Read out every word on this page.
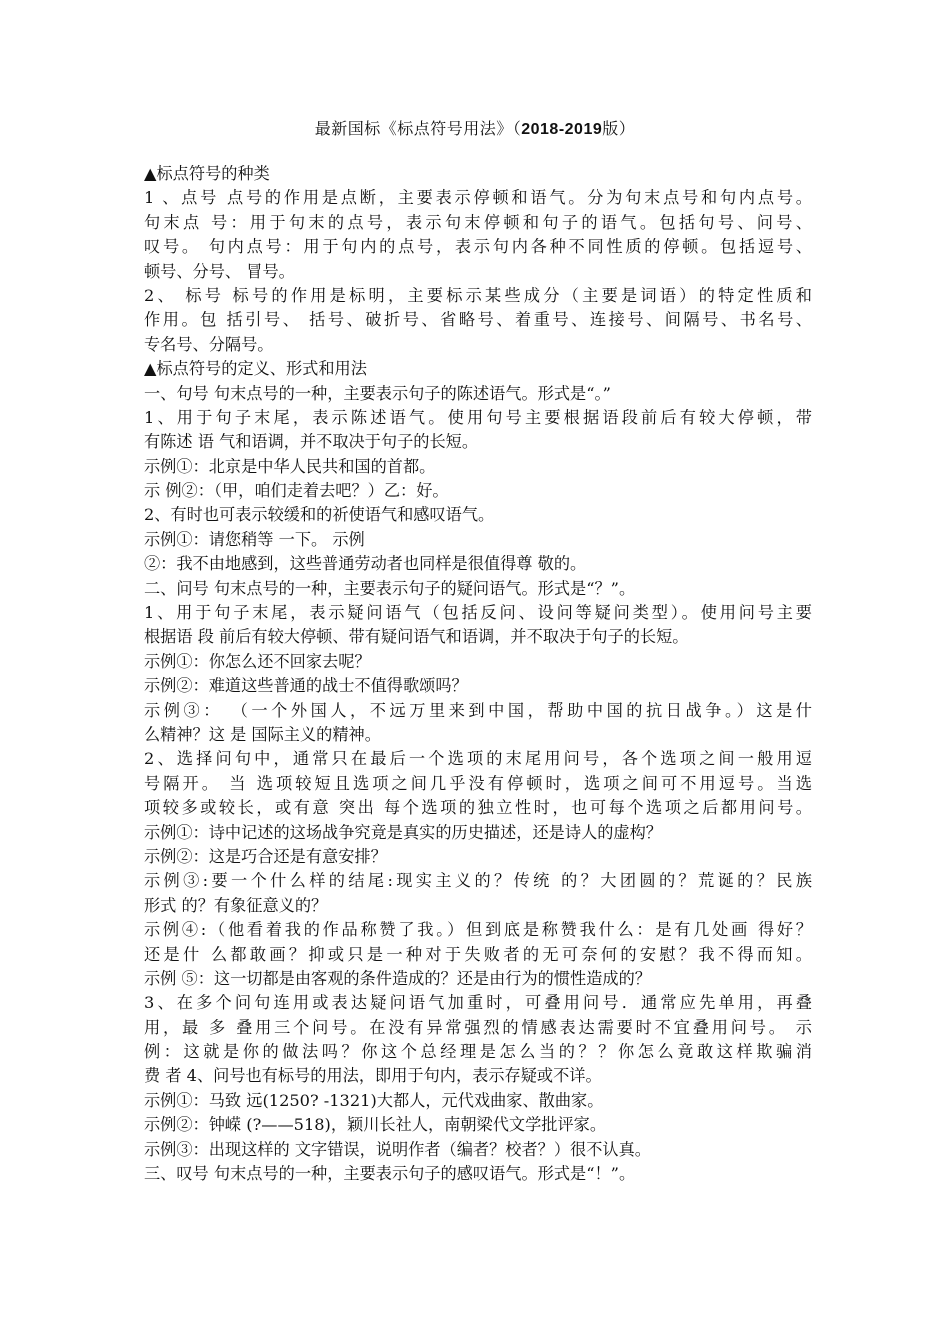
最新国标《标点符号用法》（2018-2019版）
▲标点符号的种类
1 、点号 点号的作用是点断，主要表示停顿和语气。分为句末点号和句内点号。
句末点 号：用于句末的点号，表示句末停顿和句子的语气。包括句号、问号、
叹号。 句内点号：用于句内的点号，表示句内各种不同性质的停顿。包括逗号、
顿号、分号、 冒号。
2、 标号 标号的作用是标明，主要标示某些成分（主要是词语）的特定性质和
作用。包 括引号、 括号、破折号、省略号、着重号、连接号、间隔号、书名号、
专名号、分隔号。
▲标点符号的定义、形式和用法
一、句号 句末点号的一种，主要表示句子的陈述语气。形式是“。”
1、用于句子末尾，表示陈述语气。使用句号主要根据语段前后有较大停顿，带
有陈述 语 气和语调，并不取决于句子的长短。
示例①：北京是中华人民共和国的首都。
示 例②：（甲，咱们走着去吧？）乙：好。
2、有时也可表示较缓和的祈使语气和感叹语气。
示例①：请您稍等 一下。 示例
②：我不由地感到，这些普通劳动者也同样是很值得尊 敬的。
二、问号 句末点号的一种，主要表示句子的疑问语气。形式是“？”。
1、用于句子末尾，表示疑问语气（包括反问、设问等疑问类型）。使用问号主要
根据语 段 前后有较大停顿、带有疑问语气和语调，并不取决于句子的长短。
示例①：你怎么还不回家去呢？
示例②：难道这些普通的战士不值得歌颂吗？
示例③： （一个外国人，不远万里来到中国，帮助中国的抗日战争。）这是什
么精神？这 是 国际主义的精神。
2、选择问句中，通常只在最后一个选项的末尾用问号，各个选项之间一般用逗
号隔开。 当 选项较短且选项之间几乎没有停顿时，选项之间可不用逗号。当选
项较多或较长，或有意 突出 每个选项的独立性时，也可每个选项之后都用问号。
示例①：诗中记述的这场战争究竟是真实的历史描述，还是诗人的虚构？
示例②：这是巧合还是有意安排？
示例③:要一个什么样的结尾:现实主义的？传统 的？大团圆的？荒诞的？民族
形式 的？有象征意义的？
示例④:（他看着我的作品称赞了我。）但到底是称赞我什么：是有几处画 得好？
还是什 么都敢画？抑或只是一种对于失败者的无可奈何的安慰？我不得而知。
示例 ⑤：这一切都是由客观的条件造成的？还是由行为的惯性造成的？
3、在多个问句连用或表达疑问语气加重时，可叠用问号．通常应先单用，再叠
用，最 多 叠用三个问号。在没有异常强烈的情感表达需要时不宜叠用问号。 示
例：这就是你的做法吗？你这个总经理是怎么当的？？你怎么竟敢这样欺骗消
费 者 4、问号也有标号的用法，即用于句内，表示存疑或不详。
示例①：马致 远(1250? -1321)大都人，元代戏曲家、散曲家。
示例②：钟嵘 (?——518)，颖川长社人，南朝梁代文学批评家。
示例③：出现这样的 文字错误，说明作者（编者？校者？）很不认真。
三、叹号 句末点号的一种，主要表示句子的感叹语气。形式是“！”。
